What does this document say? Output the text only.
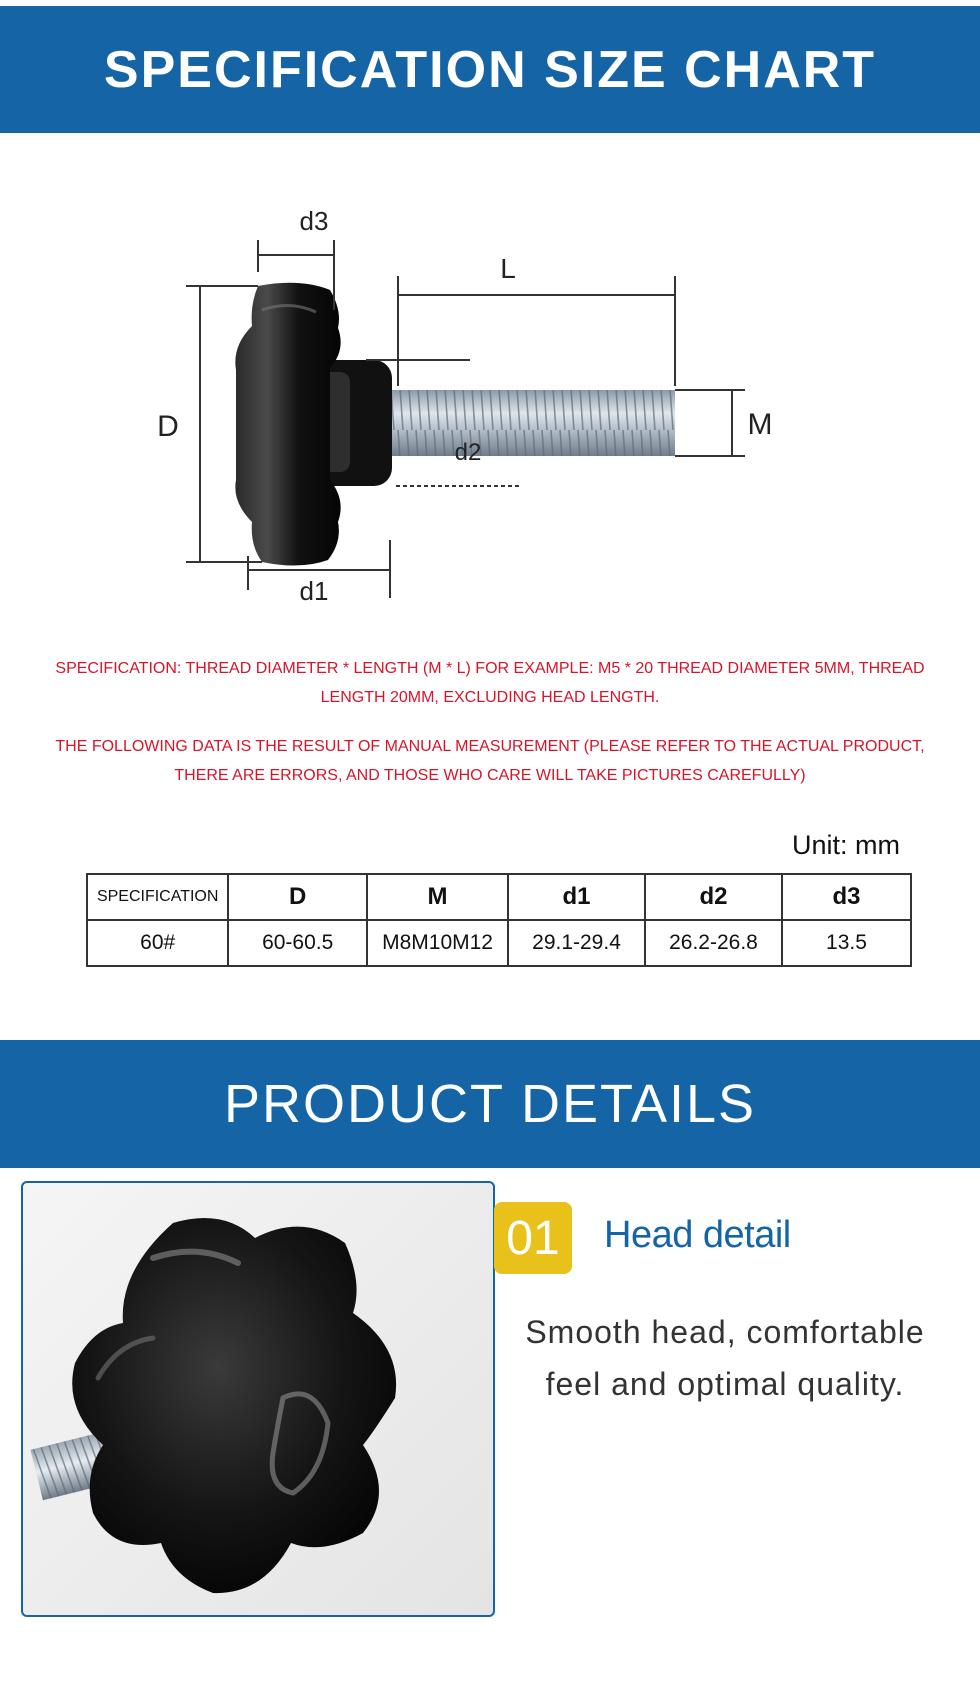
SPECIFICATION SIZE CHART
d3
L
D	M
d2
d1
SPECIFICATION: THREAD DIAMETER * LENGTH (M * L) FOR EXAMPLE: M5 * 20 THREAD DIAMETER 5MM, THREAD LENGTH 20MM, EXCLUDING HEAD LENGTH.
THE FOLLOWING DATA IS THE RESULT OF MANUAL MEASUREMENT (PLEASE REFER TO THE ACTUAL PRODUCT, THERE ARE ERRORS, AND THOSE WHO CARE WILL TAKE PICTURES CAREFULLY)
Unit: mm
SPECIFICATION	D	M	d1	d2	d3
60#	60-60.5	M8M10M12	29.1-29.4	26.2-26.8	13.5
PRODUCT DETAILS
01	Head detail
Smooth head, comfortable feel and optimal quality.
